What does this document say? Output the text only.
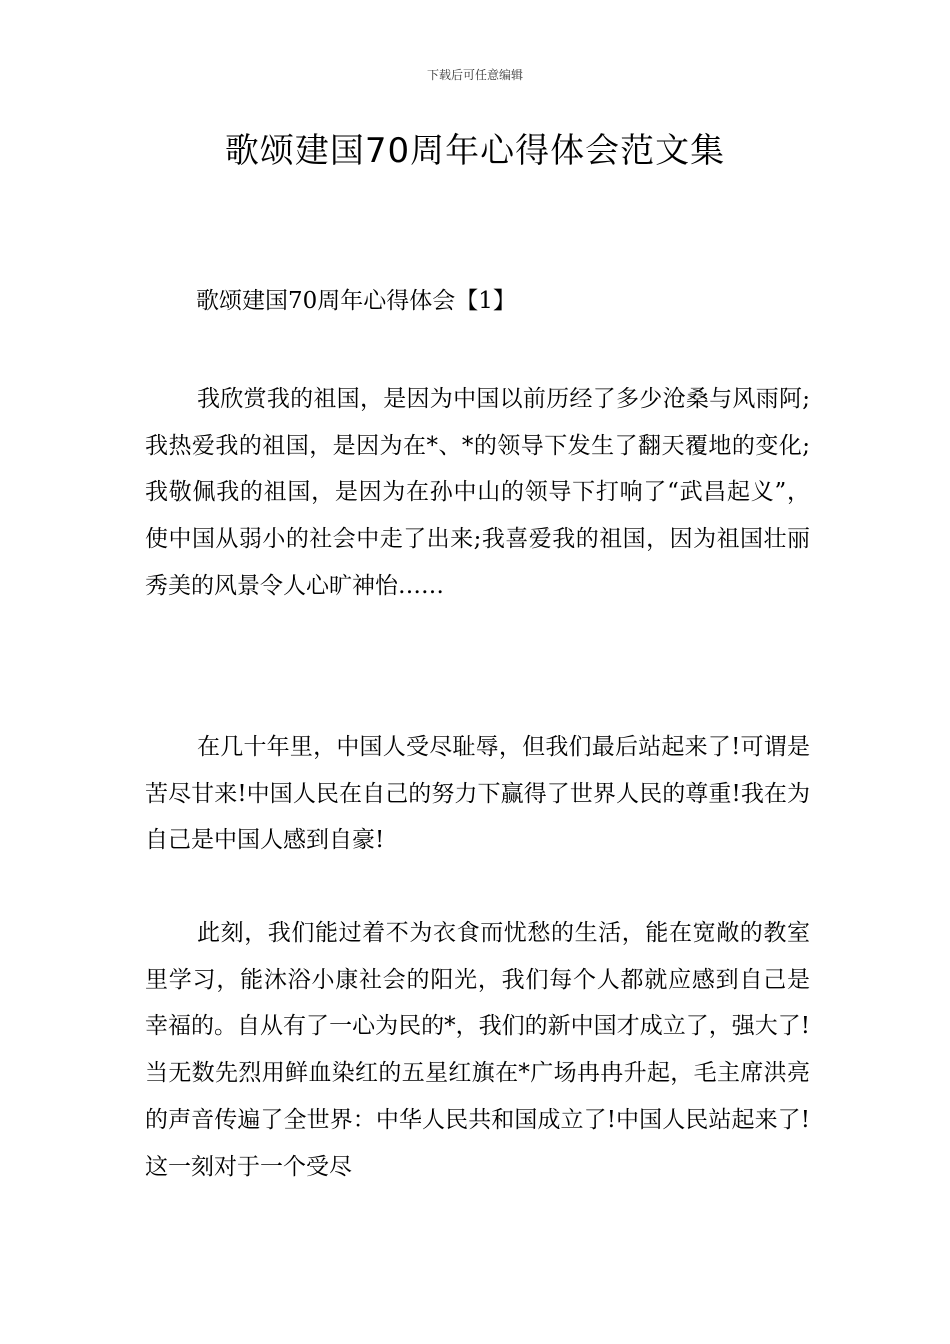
下载后可任意编辑
歌颂建国70周年心得体会范文集
歌颂建国70周年心得体会【1】

我欣赏我的祖国，是因为中国以前历经了多少沧桑与风雨阿;我热爱我的祖国，是因为在*、*的领导下发生了翻天覆地的变化;我敬佩我的祖国，是因为在孙中山的领导下打响了“武昌起义”，使中国从弱小的社会中走了出来;我喜爱我的祖国，因为祖国壮丽秀美的风景令人心旷神怡……

在几十年里，中国人受尽耻辱，但我们最后站起来了!可谓是苦尽甘来!中国人民在自己的努力下赢得了世界人民的尊重!我在为自己是中国人感到自豪!

此刻，我们能过着不为衣食而忧愁的生活，能在宽敞的教室里学习，能沐浴小康社会的阳光，我们每个人都就应感到自己是幸福的。自从有了一心为民的*，我们的新中国才成立了，强大了!当无数先烈用鲜血染红的五星红旗在*广场冉冉升起，毛主席洪亮的声音传遍了全世界：中华人民共和国成立了!中国人民站起来了!这一刻对于一个受尽
